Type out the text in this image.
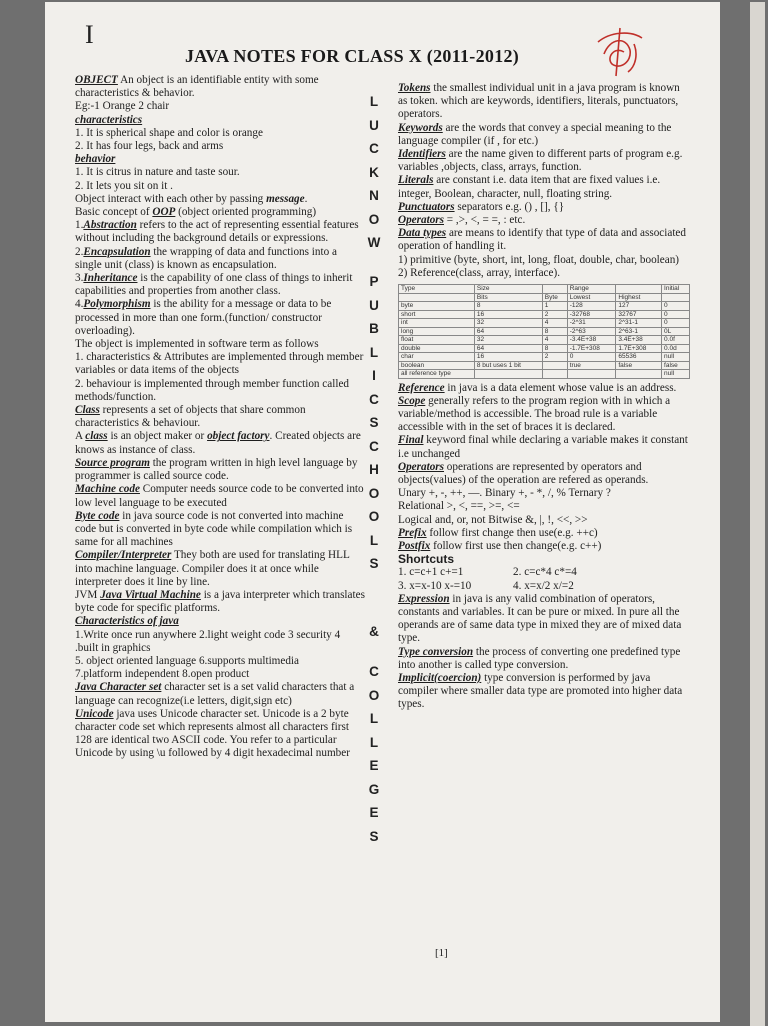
I
JAVA NOTES FOR CLASS X (2011-2012)
L
U
C
K
N
O
W
P
U
B
L
I
C
S
C
H
O
O
L
S
&
C
O
L
L
E
G
E
S

OBJECT An object is an identifiable entity with some characteristics & behavior.

Eg:-1 Orange 2 chair

characteristics

1. It is spherical shape and color is orange

2. It has four legs, back and arms

behavior

1. It is citrus in nature and taste sour.

2. It lets you sit on it .

Object interact with each other by passing message.

Basic concept of OOP (object oriented programming)

1.Abstraction refers to the act of representing essential features without including the background details or expressions.

2.Encapsulation the wrapping of data and functions into a single unit (class) is known as encapsulation.

3.Inheritance is the capability of one class of things to inherit capabilities and properties from another class.

4.Polymorphism is the ability for a message or data to be processed in more than one form.(function/ constructor overloading).

The object is implemented in software term as follows

1. characteristics & Attributes are implemented through member variables or data items of the objects

2. behaviour is implemented through member function called methods/function.

Class represents a set of objects that share common characteristics & behaviour.

A class is an object maker or object factory. Created objects are knows as instance of class.

Source program the program written in high level language by programmer is called source code.

Machine code Computer needs source code to be converted into low level language to be executed

Byte code in java source code is not converted into machine code but is converted in byte code while compilation which is same for all machines

Compiler/Interpreter They both are used for translating HLL into machine language. Compiler does it at once while interpreter does it line by line.

JVM Java Virtual Machine is a java interpreter which translates byte code for specific platforms.

Characteristics of java

1.Write once run anywhere 2.light weight code 3 security 4 .built in graphics

5. object oriented language 6.supports multimedia

7.platform independent 8.open product

Java Character set character set is a set valid characters that a language can recognize(i.e letters, digit,sign etc)

Unicode java uses Unicode character set. Unicode is a 2 byte character code set which represents almost all characters first 128 are identical two ASCII code. You refer to a particular Unicode by using \u followed by 4 digit hexadecimal number

Tokens the smallest individual unit in a java program is known as token. which are keywords, identifiers, literals, punctuators, operators.

Keywords are the words that convey a special meaning to the language compiler (if , for etc.)

Identifiers are the name given to different parts of program e.g. variables ,objects, class, arrays, function.

Literals are constant i.e. data item that are fixed values i.e. integer, Boolean, character, null, floating string.

Punctuators separators e.g. () , [], {}

Operators = ,>, <, = =, : etc.

Data types are means to identify that type of data and associated operation of handling it.

1) primitive (byte, short, int, long, float, double, char, boolean)

2) Reference(class, array, interface).

Type	Size		Range		Initial
	Bits	Byte	Lowest	Highest	
byte	8	1	-128	127	0
short	16	2	-32768	32767	0
int	32	4	-2^31	2^31-1	0
long	64	8	-2^63	2^63-1	0L
float	32	4	-3.4E+38	3.4E+38	0.0f
double	64	8	-1.7E+308	1.7E+308	0.0d
char	16	2	0	65536	null
boolean	8 but uses 1 bit		true	false	false
all reference type					null

Reference in java is a data element whose value is an address.

Scope generally refers to the program region with in which a variable/method is accessible. The broad rule is a variable accessible with in the set of braces it is declared.

Final keyword final while declaring a variable makes it constant i.e unchanged

Operators operations are represented by operators and objects(values) of the operation are refered as operands.

Unary +, -, ++, —. Binary +, - *, /, % Ternary ?

Relational >, <, ==, >=, <=

Logical and, or, not Bitwise &, |, !, <<, >>

Prefix follow first change then use(e.g. ++c)

Postfix follow first use then change(e.g. c++)

Shortcuts

1. c=c+1 c+=1	2. c=c*4 c*=4

3. x=x-10 x-=10	4. x=x/2 x/=2

Expression in java is any valid combination of operators, constants and variables. It can be pure or mixed. In pure all the operands are of same data type in mixed they are of mixed data type.

Type conversion the process of converting one predefined type into another is called type conversion.

Implicit(coercion) type conversion is performed by java compiler where smaller data type are promoted into higher data types.

[1]
